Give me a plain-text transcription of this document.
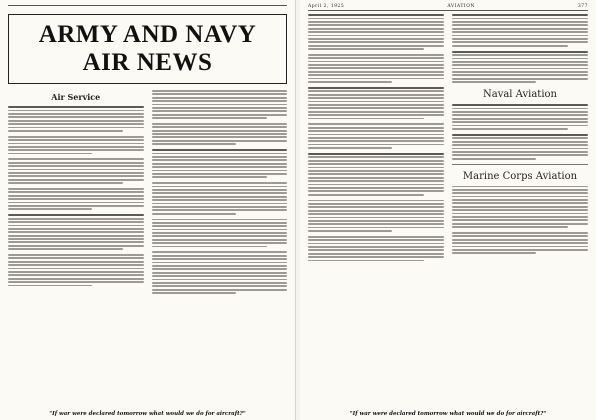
ARMY AND NAVY AIR NEWS
Air Service
"If war were declared tomorrow what would we do for aircraft?"
April 2, 1925	AVIATION	377
Naval Aviation
Marine Corps Aviation
"If war were declared tomorrow what would we do for aircraft?"
